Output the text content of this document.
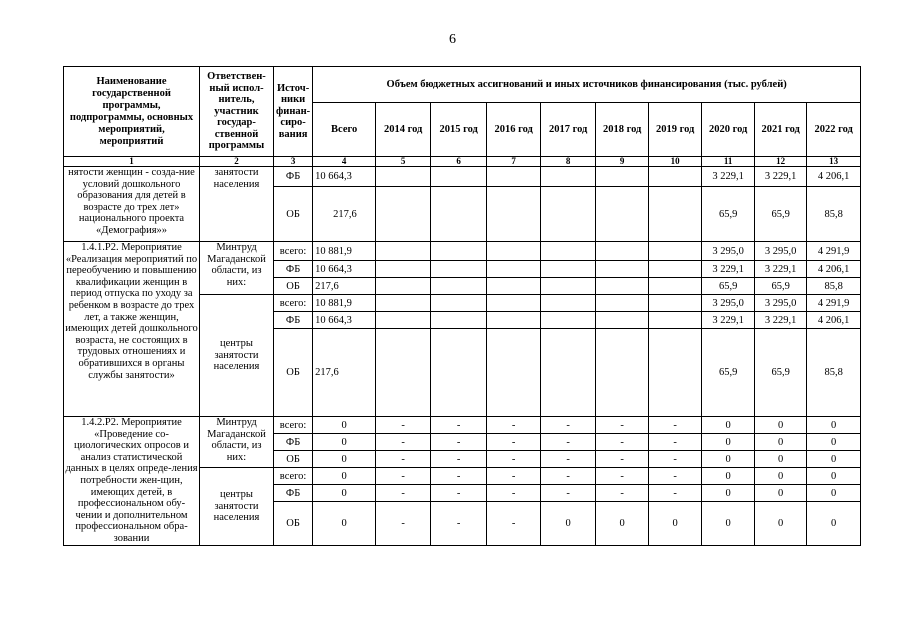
6
Наименование государственной программы, подпрограммы, основных мероприятий, мероприятий	Ответствен-ный испол-нитель, участник государ-ственной программы	Источ-ники финан-сиро-вания	Объем бюджетных ассигнований и иных источников финансирования (тыс. рублей)									
			Всего	2014 год	2015 год	2016 год	2017 год	2018 год	2019 год	2020 год	2021 год	2022 год
1	2	3	4	5	6	7	8	9	10	11	12	13
нятости женщин - созда-ние условий дошкольного образования для детей в возрасте до трех лет» национального проекта «Демография»»	занятости населения	ФБ	10 664,3							3 229,1	3 229,1	4 206,1
		ОБ	217,6							65,9	65,9	85,8
1.4.1.Р2. Мероприятие «Реализация мероприятий по переобучению и повышению квалификации женщин в период отпуска по уходу за ребенком в возрасте до трех лет, а также женщин, имеющих детей дошкольного возраста, не состоящих в трудовых отношениях и обратившихся в органы службы занятости»	Минтруд Магаданской области, из них:	всего:	10 881,9							3 295,0	3 295,0	4 291,9
		ФБ	10 664,3							3 229,1	3 229,1	4 206,1
		ОБ	217,6							65,9	65,9	85,8
	центры занятости населения	всего:	10 881,9							3 295,0	3 295,0	4 291,9
		ФБ	10 664,3							3 229,1	3 229,1	4 206,1
		ОБ	217,6							65,9	65,9	85,8
1.4.2.Р2. Мероприятие «Проведение со-циологических опросов и анализ статистической данных в целях опреде-ления потребности жен-щин, имеющих детей, в профессиональном обу-чении и дополнительном профессиональном обра-зовании	Минтруд Магаданской области, из них:	всего:	0	-	-	-	-	-	-	0	0	0
		ФБ	0	-	-	-	-	-	-	0	0	0
		ОБ	0	-	-	-	-	-	-	0	0	0
	центры занятости населения	всего:	0	-	-	-	-	-	-	0	0	0
		ФБ	0	-	-	-	-	-	-	0	0	0
		ОБ	0	-	-	-	0	0	0	0	0	0
